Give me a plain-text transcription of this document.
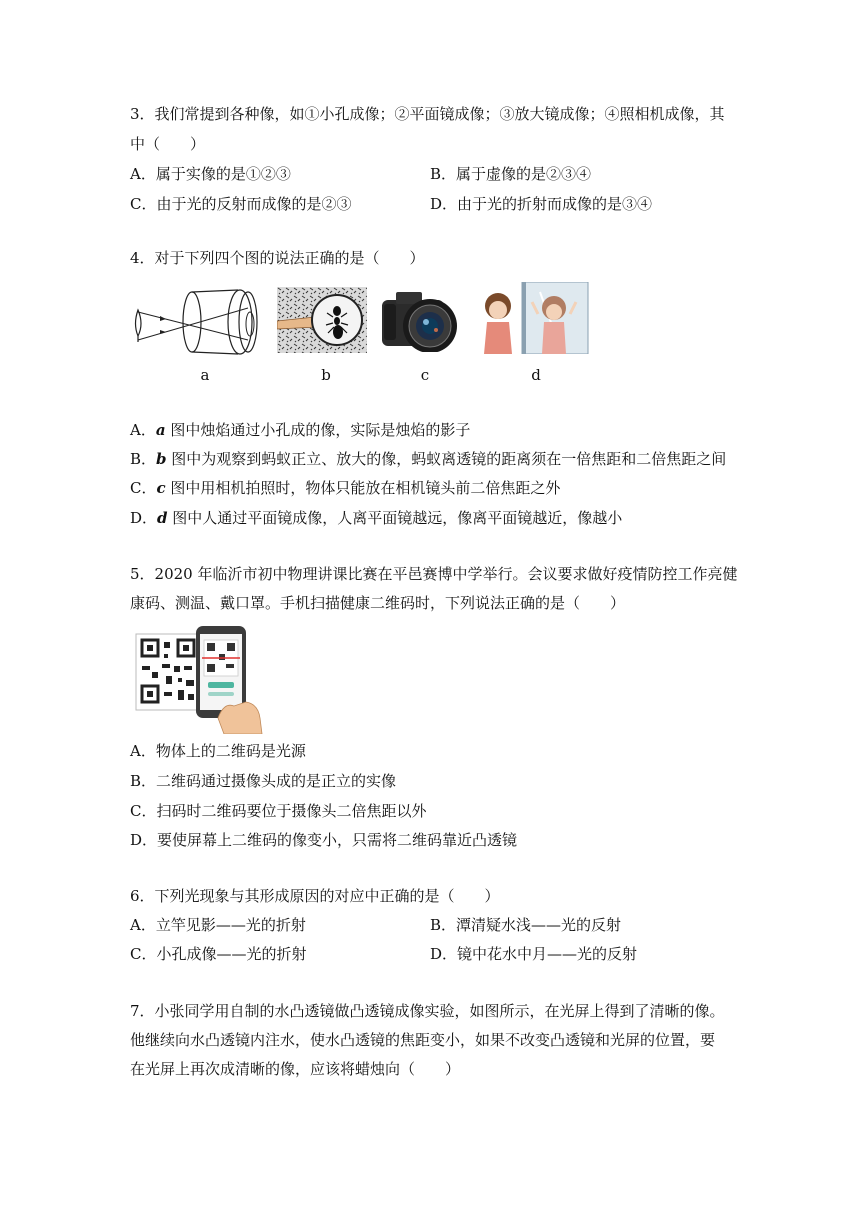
3．我们常提到各种像，如①小孔成像；②平面镜成像；③放大镜成像；④照相机成像，其
中（　　）
A．属于实像的是①②③	B．属于虚像的是②③④
C．由于光的反射而成像的是②③	D．由于光的折射而成像的是③④
4．对于下列四个图的说法正确的是（　　）
a	b	c	d
A．a 图中烛焰通过小孔成的像，实际是烛焰的影子
B．b 图中为观察到蚂蚁正立、放大的像，蚂蚁离透镜的距离须在一倍焦距和二倍焦距之间
C．c 图中用相机拍照时，物体只能放在相机镜头前二倍焦距之外
D．d 图中人通过平面镜成像，人离平面镜越远，像离平面镜越近，像越小
5．2020 年临沂市初中物理讲课比赛在平邑赛博中学举行。会议要求做好疫情防控工作亮健
康码、测温、戴口罩。手机扫描健康二维码时，下列说法正确的是（　　）
A．物体上的二维码是光源
B．二维码通过摄像头成的是正立的实像
C．扫码时二维码要位于摄像头二倍焦距以外
D．要使屏幕上二维码的像变小，只需将二维码靠近凸透镜
6．下列光现象与其形成原因的对应中正确的是（　　）
A．立竿见影——光的折射	B．潭清疑水浅——光的反射
C．小孔成像——光的折射	D．镜中花水中月——光的反射
7．小张同学用自制的水凸透镜做凸透镜成像实验，如图所示，在光屏上得到了清晰的像。
他继续向水凸透镜内注水，使水凸透镜的焦距变小，如果不改变凸透镜和光屏的位置，要
在光屏上再次成清晰的像，应该将蜡烛向（　　）
